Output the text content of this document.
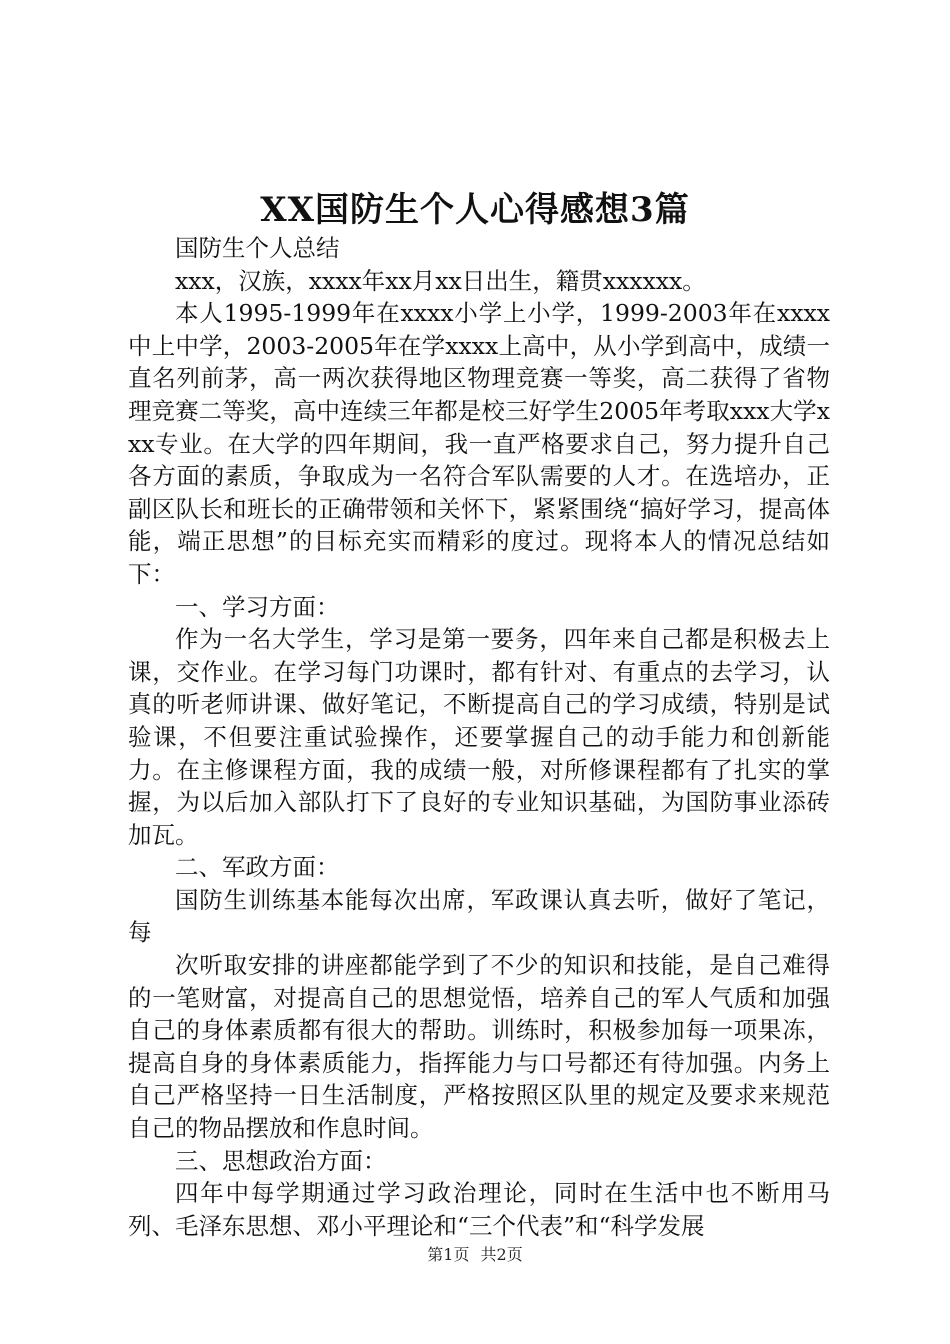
XX国防生个人心得感想3篇

国防生个人总结

xxx，汉族，xxxx年xx月xx日出生，籍贯xxxxxx。

本人1995-1999年在xxxx小学上小学，1999-2003年在xxxx中上中学，2003-2005年在学xxxx上高中，从小学到高中，成绩一直名列前茅，高一两次获得地区物理竞赛一等奖，高二获得了省物理竞赛二等奖，高中连续三年都是校三好学生2005年考取xxx大学xxx专业。在大学的四年期间，我一直严格要求自己，努力提升自己各方面的素质，争取成为一名符合军队需要的人才。在选培办，正副区队长和班长的正确带领和关怀下，紧紧围绕“搞好学习，提高体能，端正思想”的目标充实而精彩的度过。现将本人的情况总结如下：

一、学习方面：

作为一名大学生，学习是第一要务，四年来自己都是积极去上课，交作业。在学习每门功课时，都有针对、有重点的去学习，认真的听老师讲课、做好笔记，不断提高自己的学习成绩，特别是试验课，不但要注重试验操作，还要掌握自己的动手能力和创新能力。在主修课程方面，我的成绩一般，对所修课程都有了扎实的掌握，为以后加入部队打下了良好的专业知识基础，为国防事业添砖加瓦。

二、军政方面：

国防生训练基本能每次出席，军政课认真去听，做好了笔记，每

次听取安排的讲座都能学到了不少的知识和技能，是自己难得的一笔财富，对提高自己的思想觉悟，培养自己的军人气质和加强自己的身体素质都有很大的帮助。训练时，积极参加每一项果冻，提高自身的身体素质能力，指挥能力与口号都还有待加强。内务上自己严格坚持一日生活制度，严格按照区队里的规定及要求来规范自己的物品摆放和作息时间。

三、思想政治方面：

四年中每学期通过学习政治理论，同时在生活中也不断用马列、毛泽东思想、邓小平理论和“三个代表”和“科学发展

第1页 共2页
